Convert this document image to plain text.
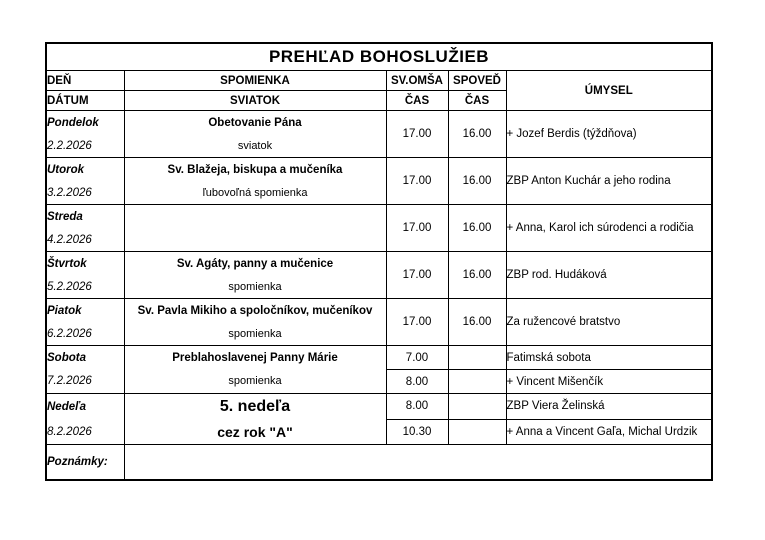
PREHĽAD BOHOSLUŽIEB				
DEŇ	SPOMIENKA	SV.OMŠA	SPOVEĎ	ÚMYSEL
DÁTUM	SVIATOK	ČAS	ČAS	
Pondelok	Obetovanie Pána	17.00	16.00	+ Jozef Berdis (týždňova)
2.2.2026	sviatok			
Utorok	Sv. Blažeja, biskupa a mučeníka	17.00	16.00	ZBP Anton Kuchár a jeho rodina
3.2.2026	ľubovoľná spomienka			
Streda		17.00	16.00	+ Anna, Karol ich súrodenci a rodičia
4.2.2026				
Štvrtok	Sv. Agáty, panny a mučenice	17.00	16.00	ZBP rod. Hudáková
5.2.2026	spomienka			
Piatok	Sv. Pavla Mikiho a spoločníkov, mučeníkov	17.00	16.00	Za ružencové bratstvo
6.2.2026	spomienka			
Sobota	Preblahoslavenej Panny Márie	7.00		Fatimská sobota
7.2.2026	spomienka	8.00		+ Vincent Mišenčík
Nedeľa	5. nedeľa	8.00		ZBP Viera Želinská
8.2.2026	cez rok "A"	10.30		+ Anna a Vincent Gaľa, Michal Urdzik
Poznámky:				
